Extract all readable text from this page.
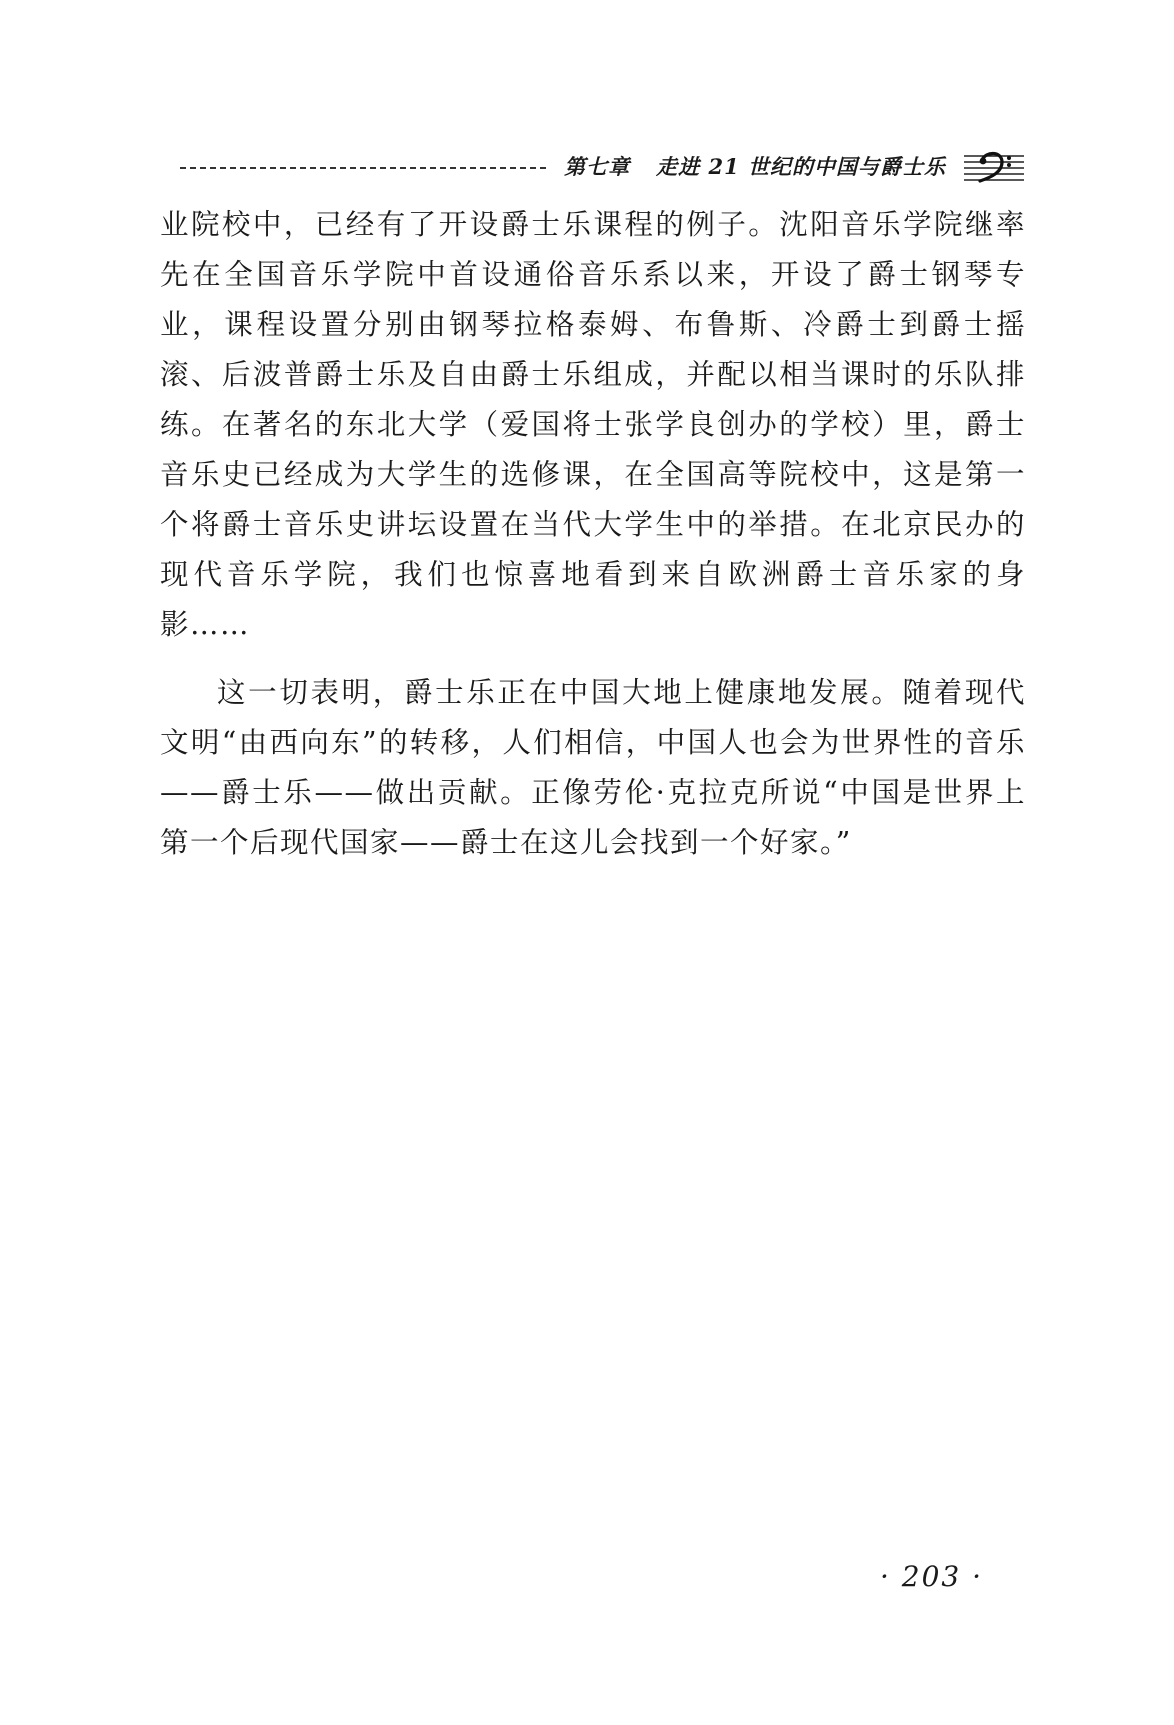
第七章 走进 21 世纪的中国与爵士乐

业院校中，已经有了开设爵士乐课程的例子。沈阳音乐学院继率先在全国音乐学院中首设通俗音乐系以来，开设了爵士钢琴专业，课程设置分别由钢琴拉格泰姆、布鲁斯、冷爵士到爵士摇滚、后波普爵士乐及自由爵士乐组成，并配以相当课时的乐队排练。在著名的东北大学（爱国将士张学良创办的学校）里，爵士音乐史已经成为大学生的选修课，在全国高等院校中，这是第一个将爵士音乐史讲坛设置在当代大学生中的举措。在北京民办的现代音乐学院，我们也惊喜地看到来自欧洲爵士音乐家的身影……

这一切表明，爵士乐正在中国大地上健康地发展。随着现代文明“由西向东”的转移，人们相信，中国人也会为世界性的音乐——爵士乐——做出贡献。正像劳伦·克拉克所说“中国是世界上第一个后现代国家——爵士在这儿会找到一个好家。”

· 203 ·
